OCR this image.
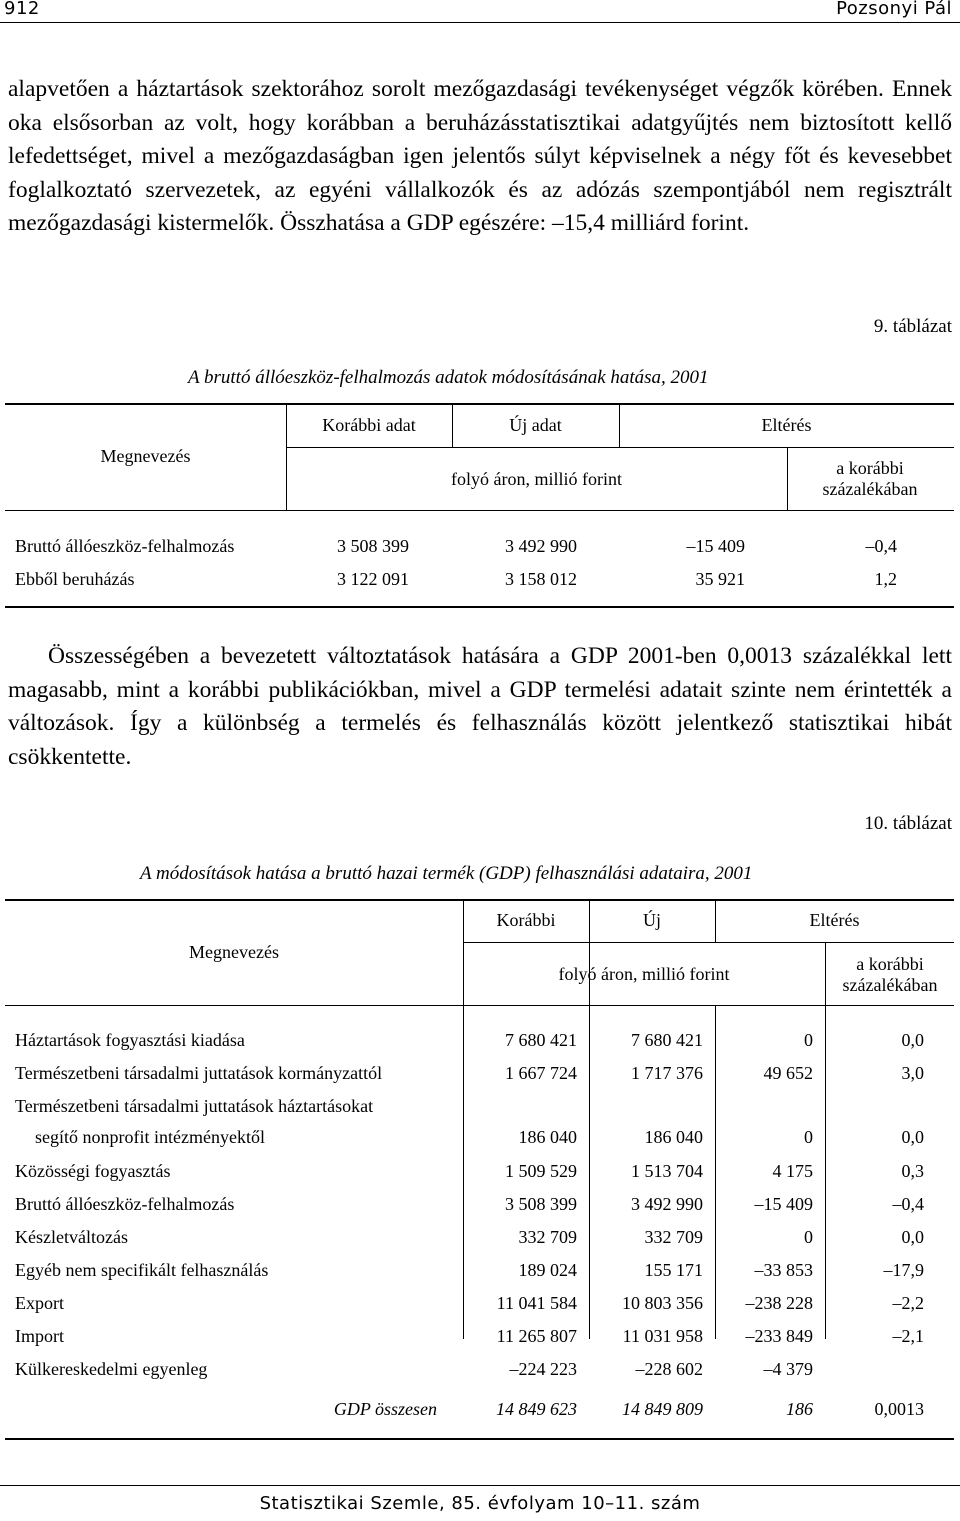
912	Pozsonyi Pál

alapvetően a háztartások szektorához sorolt mezőgazdasági tevékenységet végzők körében. Ennek oka elsősorban az volt, hogy korábban a beruházásstatisztikai adatgyűjtés nem biztosított kellő lefedettséget, mivel a mezőgazdaságban igen jelentős súlyt képviselnek a négy főt és kevesebbet foglalkoztató szervezetek, az egyéni vállalkozók és az adózás szempontjából nem regisztrált mezőgazdasági kistermelők. Összhatása a GDP egészére: –15,4 milliárd forint.

9. táblázat
A bruttó állóeszköz-felhalmozás adatok módosításának hatása, 2001
Megnevezés
Korábbi adat	Új adat	Eltérés
folyó áron, millió forint
a korábbi százalékában
Bruttó állóeszköz-felhalmozás	3 508 399	3 492 990	–15 409	–0,4
Ebből beruházás	3 122 091	3 158 012	35 921	1,2

Összességében a bevezetett változtatások hatására a GDP 2001-ben 0,0013 százalékkal lett magasabb, mint a korábbi publikációkban, mivel a GDP termelési adatait szinte nem érintették a változások. Így a különbség a termelés és felhasználás között jelentkező statisztikai hibát csökkentette.

10. táblázat
A módosítások hatása a bruttó hazai termék (GDP) felhasználási adataira, 2001
Megnevezés
Korábbi	Új	Eltérés
folyó áron, millió forint	a korábbi százalékában
Háztartások fogyasztási kiadása	7 680 421	7 680 421	0	0,0
Természetbeni társadalmi juttatások kormányzattól	1 667 724	1 717 376	49 652	3,0
Természetbeni társadalmi juttatások háztartásokat
segítő nonprofit intézményektől	186 040	186 040	0	0,0
Közösségi fogyasztás	1 509 529	1 513 704	4 175	0,3
Bruttó állóeszköz-felhalmozás	3 508 399	3 492 990	–15 409	–0,4
Készletváltozás	332 709	332 709	0	0,0
Egyéb nem specifikált felhasználás	189 024	155 171	–33 853	–17,9
Export	11 041 584	10 803 356	–238 228	–2,2
Import	11 265 807	11 031 958	–233 849	–2,1
Külkereskedelmi egyenleg	–224 223	–228 602	–4 379
GDP összesen	14 849 623	14 849 809	186	0,0013
Statisztikai Szemle, 85. évfolyam 10–11. szám
